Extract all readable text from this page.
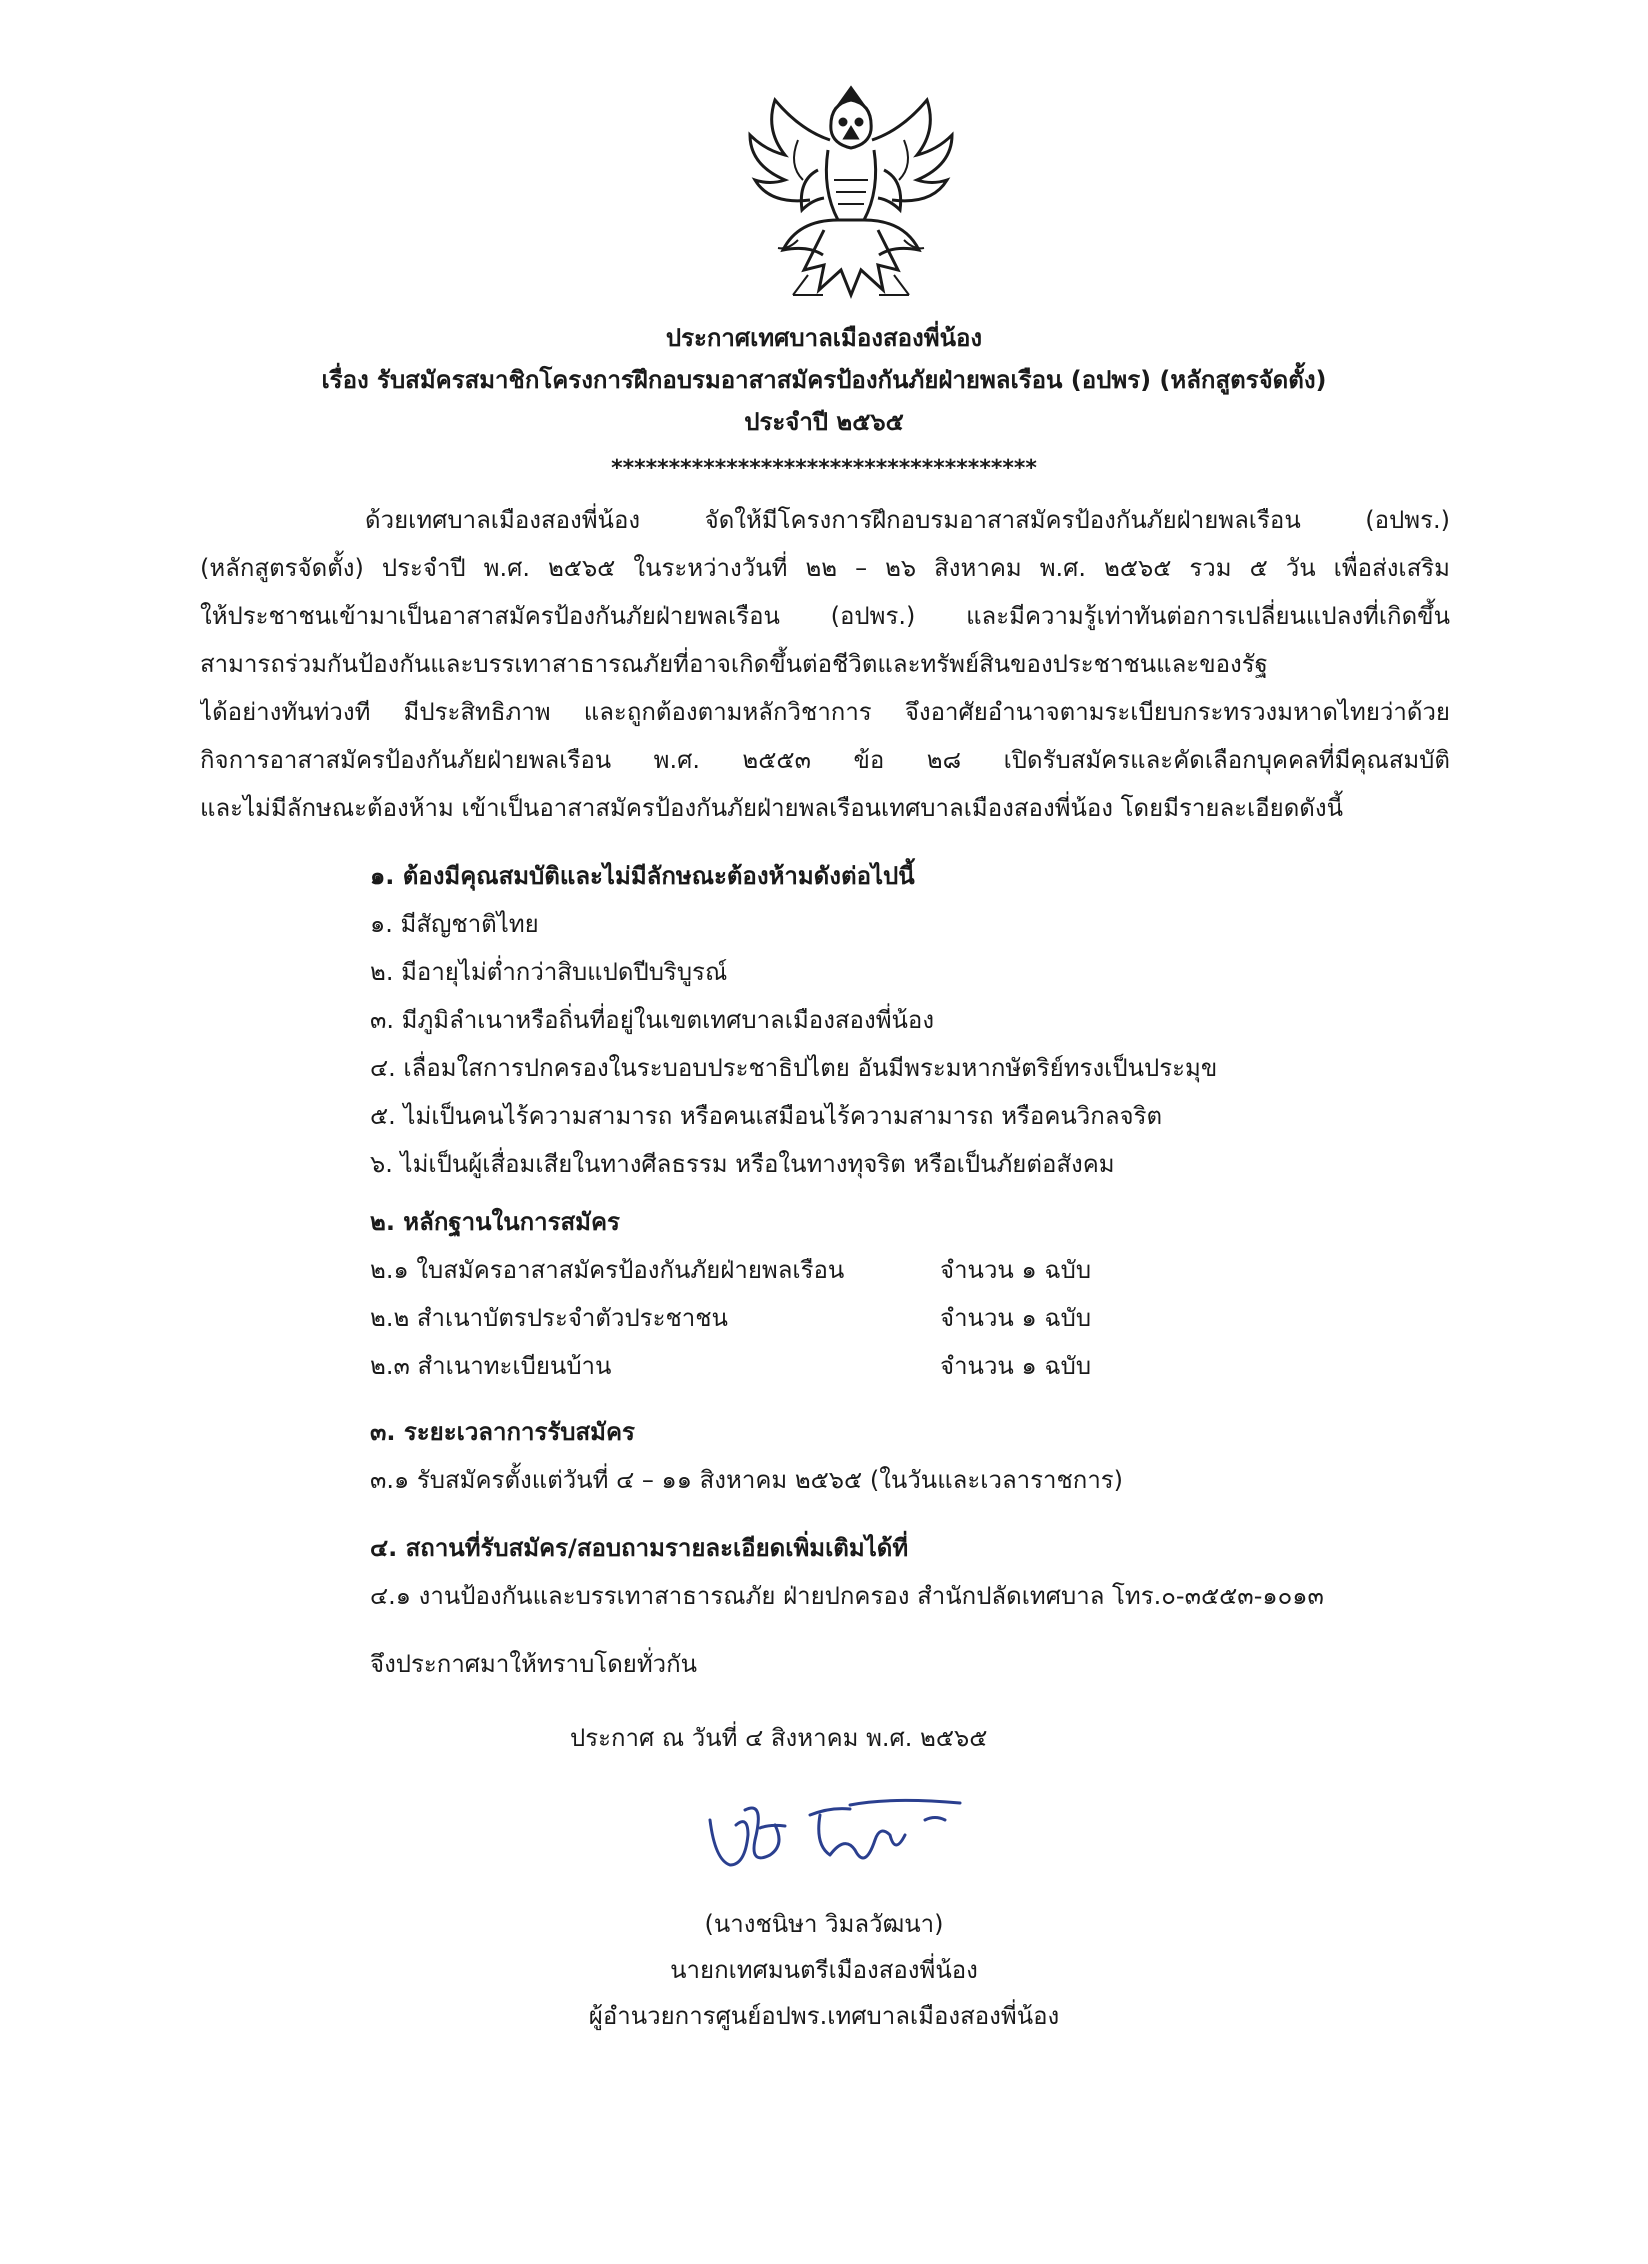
ประกาศเทศบาลเมืองสองพี่น้อง
เรื่อง รับสมัครสมาชิกโครงการฝึกอบรมอาสาสมัครป้องกันภัยฝ่ายพลเรือน (อปพร) (หลักสูตรจัดตั้ง)
ประจำปี ๒๕๖๕
*************************************

ด้วยเทศบาลเมืองสองพี่น้อง จัดให้มีโครงการฝึกอบรมอาสาสมัครป้องกันภัยฝ่ายพลเรือน (อปพร.)

(หลักสูตรจัดตั้ง) ประจำปี พ.ศ. ๒๕๖๕ ในระหว่างวันที่ ๒๒ – ๒๖ สิงหาคม พ.ศ. ๒๕๖๕ รวม ๕ วัน เพื่อส่งเสริม

ให้ประชาชนเข้ามาเป็นอาสาสมัครป้องกันภัยฝ่ายพลเรือน (อปพร.) และมีความรู้เท่าทันต่อการเปลี่ยนแปลงที่เกิดขึ้น

สามารถร่วมกันป้องกันและบรรเทาสาธารณภัยที่อาจเกิดขึ้นต่อชีวิตและทรัพย์สินของประชาชนและของรัฐ

ได้อย่างทันท่วงที มีประสิทธิภาพ และถูกต้องตามหลักวิชาการ จึงอาศัยอำนาจตามระเบียบกระทรวงมหาดไทยว่าด้วย

กิจการอาสาสมัครป้องกันภัยฝ่ายพลเรือน พ.ศ. ๒๕๕๓ ข้อ ๒๘ เปิดรับสมัครและคัดเลือกบุคคลที่มีคุณสมบัติ

และไม่มีลักษณะต้องห้าม เข้าเป็นอาสาสมัครป้องกันภัยฝ่ายพลเรือนเทศบาลเมืองสองพี่น้อง โดยมีรายละเอียดดังนี้

๑. ต้องมีคุณสมบัติและไม่มีลักษณะต้องห้ามดังต่อไปนี้
๑. มีสัญชาติไทย
๒. มีอายุไม่ต่ำกว่าสิบแปดปีบริบูรณ์
๓. มีภูมิลำเนาหรือถิ่นที่อยู่ในเขตเทศบาลเมืองสองพี่น้อง
๔. เลื่อมใสการปกครองในระบอบประชาธิปไตย อันมีพระมหากษัตริย์ทรงเป็นประมุข
๕. ไม่เป็นคนไร้ความสามารถ หรือคนเสมือนไร้ความสามารถ หรือคนวิกลจริต
๖. ไม่เป็นผู้เสื่อมเสียในทางศีลธรรม หรือในทางทุจริต หรือเป็นภัยต่อสังคม
๒. หลักฐานในการสมัคร
๒.๑ ใบสมัครอาสาสมัครป้องกันภัยฝ่ายพลเรือน	จำนวน ๑ ฉบับ
๒.๒ สำเนาบัตรประจำตัวประชาชน	จำนวน ๑ ฉบับ
๒.๓ สำเนาทะเบียนบ้าน	จำนวน ๑ ฉบับ
๓. ระยะเวลาการรับสมัคร
๓.๑ รับสมัครตั้งแต่วันที่ ๔ – ๑๑ สิงหาคม ๒๕๖๕ (ในวันและเวลาราชการ)
๔. สถานที่รับสมัคร/สอบถามรายละเอียดเพิ่มเติมได้ที่
๔.๑ งานป้องกันและบรรเทาสาธารณภัย ฝ่ายปกครอง สำนักปลัดเทศบาล โทร.๐-๓๕๕๓-๑๐๑๓
จึงประกาศมาให้ทราบโดยทั่วกัน
ประกาศ ณ วันที่ ๔ สิงหาคม พ.ศ. ๒๕๖๕
(นางชนิษา วิมลวัฒนา)
นายกเทศมนตรีเมืองสองพี่น้อง
ผู้อำนวยการศูนย์อปพร.เทศบาลเมืองสองพี่น้อง
